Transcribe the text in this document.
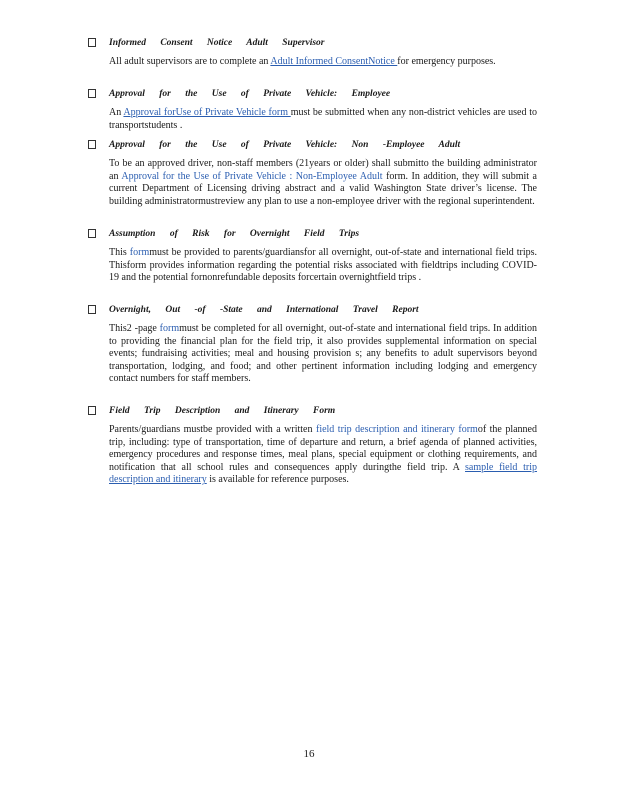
Informed Consent Notice Adult Supervisor
All adult supervisors are to complete an Adult Informed ConsentNotice for emergency purposes.
Approval for the Use of Private Vehicle: Employee
An Approval forUse of Private Vehicle form must be submitted when any non-district vehicles are used to transportstudents .
Approval for the Use of Private Vehicle: Non -Employee Adult
To be an approved driver, non-staff members (21years or older) shall submitto the building administrator an Approval for the Use of Private Vehicle : Non-Employee Adult form. In addition, they will submit a current Department of Licensing driving abstract and a valid Washington State driver’s license. The building administratormustreview any plan to use a non-employee driver with the regional superintendent.
Assumption of Risk for Overnight Field Trips
This formmust be provided to parents/guardiansfor all overnight, out-of-state and international field trips. Thisform provides information regarding the potential risks associated with fieldtrips including COVID- 19 and the potential fornonrefundable deposits forcertain overnightfield trips .
Overnight, Out -of -State and International Travel Report
This2 -page formmust be completed for all overnight, out-of-state and international field trips. In addition to providing the financial plan for the field trip, it also provides supplemental information on special events; fundraising activities; meal and housing provision s; any benefits to adult supervisors beyond transportation, lodging, and food; and other pertinent information including lodging and emergency contact numbers for staff members.
Field Trip Description and Itinerary Form
Parents/guardians mustbe provided with a written field trip description and itinerary formof the planned trip, including: type of transportation, time of departure and return, a brief agenda of planned activities, emergency procedures and response times, meal plans, special equipment or clothing requirements, and notification that all school rules and consequences apply duringthe field trip. A sample field trip description and itinerary is available for reference purposes.
16
